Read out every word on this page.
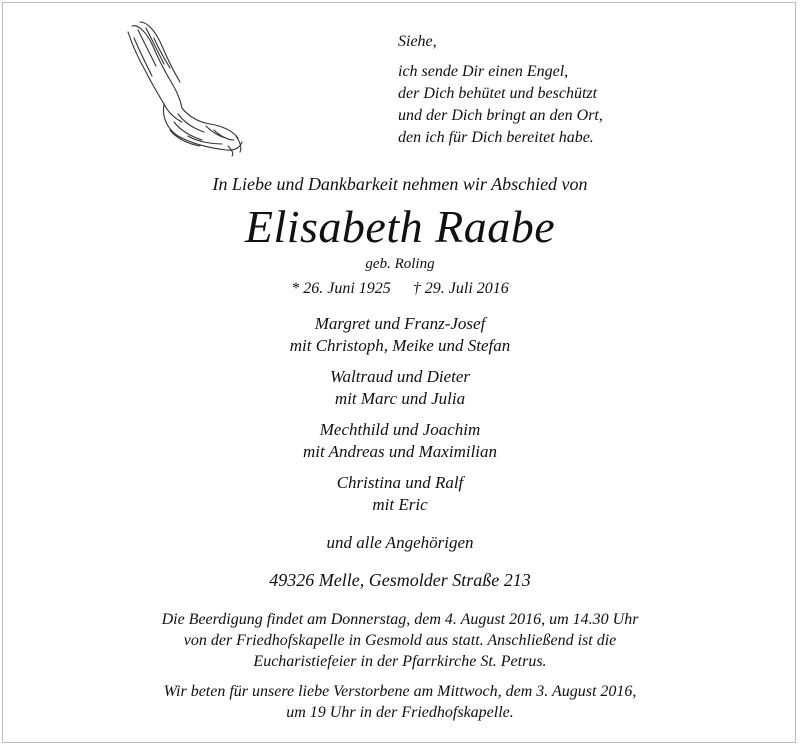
Siehe,
ich sende Dir einen Engel,
der Dich behütet und beschützt
und der Dich bringt an den Ort,
den ich für Dich bereitet habe.
In Liebe und Dankbarkeit nehmen wir Abschied von
Elisabeth Raabe
geb. Roling
* 26. Juni 1925 † 29. Juli 2016
Margret und Franz-Josef
mit Christoph, Meike und Stefan
Waltraud und Dieter
mit Marc und Julia
Mechthild und Joachim
mit Andreas und Maximilian
Christina und Ralf
mit Eric
und alle Angehörigen
49326 Melle, Gesmolder Straße 213
Die Beerdigung findet am Donnerstag, dem 4. August 2016, um 14.30 Uhr
von der Friedhofskapelle in Gesmold aus statt. Anschließend ist die
Eucharistiefeier in der Pfarrkirche St. Petrus.
Wir beten für unsere liebe Verstorbene am Mittwoch, dem 3. August 2016,
um 19 Uhr in der Friedhofskapelle.
